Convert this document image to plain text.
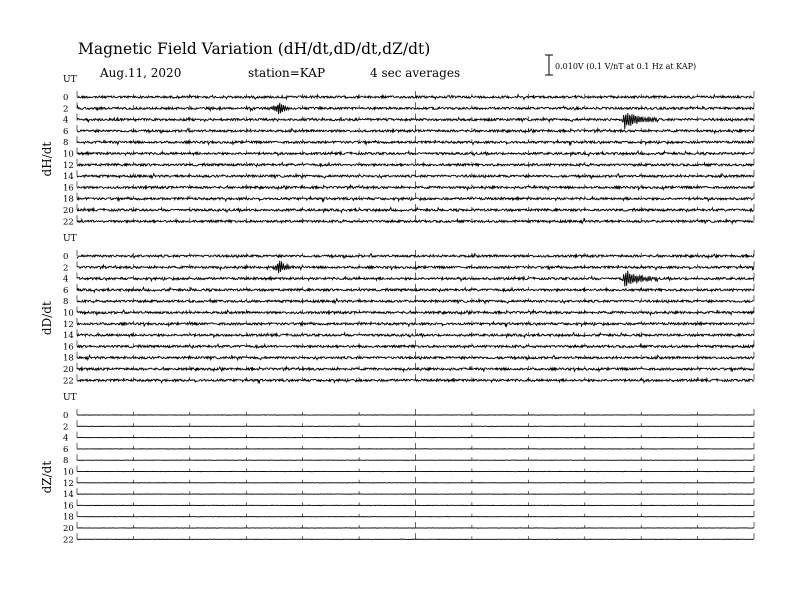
Magnetic Field Variation (dH/dt,dD/dt,dZ/dt)
Aug.11, 2020	station=KAP	4 sec averages	0.010V (0.1 V/nT at 0.1 Hz at KAP)
UT
dH/dt
0
2
4
6
8
10
12
14
16
18
20
22
UT
dD/dt
0
2
4
6
8
10
12
14
16
18
20
22
UT
dZ/dt
0
2
4
6
8
10
12
14
16
18
20
22
